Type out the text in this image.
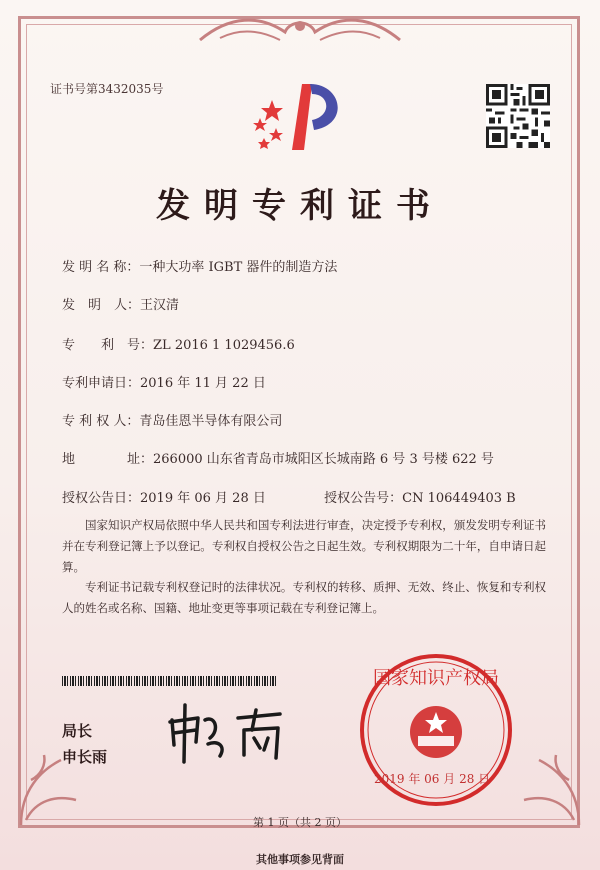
证书号第3432035号
发明专利证书
发 明 名 称：一种大功率 IGBT 器件的制造方法
发　明　人：王汉清
专　　利　号：ZL 2016 1 1029456.6
专利申请日：2016 年 11 月 22 日
专 利 权 人：青岛佳恩半导体有限公司
地　　　　址：266000 山东省青岛市城阳区长城南路 6 号 3 号楼 622 号
授权公告日：2019 年 06 月 28 日	授权公告号：CN 106449403 B
国家知识产权局依照中华人民共和国专利法进行审查，决定授予专利权，颁发发明专利证书并在专利登记簿上予以登记。专利权自授权公告之日起生效。专利权期限为二十年，自申请日起算。
专利证书记载专利权登记时的法律状况。专利权的转移、质押、无效、终止、恢复和专利权人的姓名或名称、国籍、地址变更等事项记载在专利登记簿上。
局长
申长雨
国家知识产权局
2019 年 06 月 28 日
第 1 页（共 2 页）
其他事项参见背面
